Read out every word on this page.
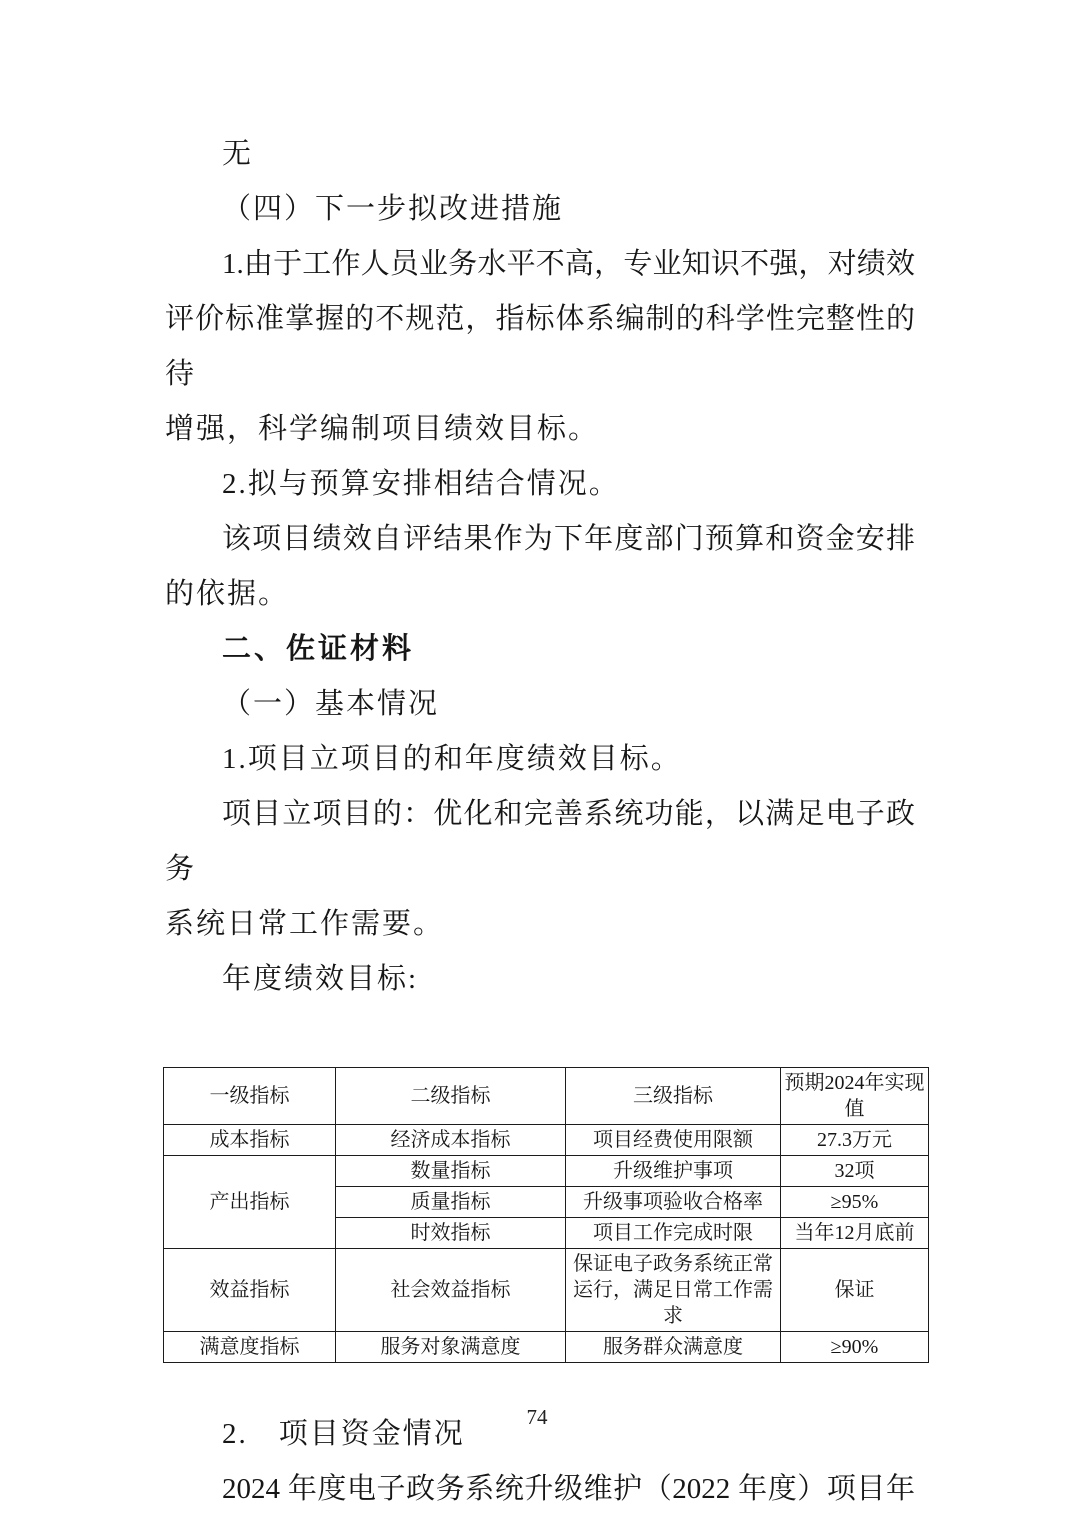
无
（四）下一步拟改进措施
1.由于工作人员业务水平不高，专业知识不强，对绩效
评价标准掌握的不规范，指标体系编制的科学性完整性的待
增强，科学编制项目绩效目标。
2.拟与预算安排相结合情况。
该项目绩效自评结果作为下年度部门预算和资金安排
的依据。
二、佐证材料
（一）基本情况
1.项目立项目的和年度绩效目标。
项目立项目的：优化和完善系统功能，以满足电子政务
系统日常工作需要。
年度绩效目标:
一级指标	二级指标	三级指标	预期2024年实现值
成本指标	经济成本指标	项目经费使用限额	27.3万元
产出指标	数量指标	升级维护事项	32项
	质量指标	升级事项验收合格率	≥95%
	时效指标	项目工作完成时限	当年12月底前
效益指标	社会效益指标	保证电子政务系统正常运行，满足日常工作需求	保证
满意度指标	服务对象满意度	服务群众满意度	≥90%
2.　项目资金情况
2024 年度电子政务系统升级维护（2022 年度）项目年
74
